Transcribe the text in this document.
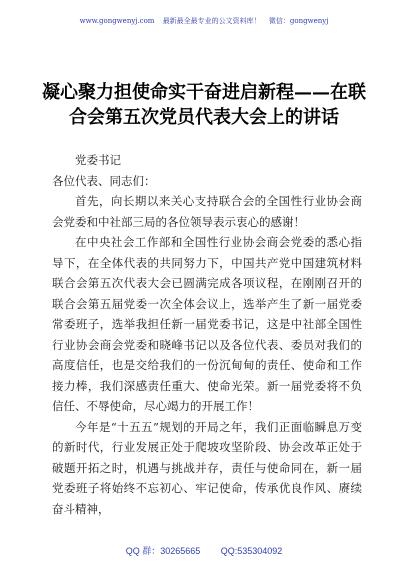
www.gongwenyj.com 最新最全最专业的公文资料库！ 微信：gongwenyj
凝心聚力担使命实干奋进启新程——在联
合会第五次党员代表大会上的讲话

党委书记

各位代表、同志们：

首先，向长期以来关心支持联合会的全国性行业协会商会党委和中社部三局的各位领导表示衷心的感谢！

在中央社会工作部和全国性行业协会商会党委的悉心指导下，在全体代表的共同努力下，中国共产党中国建筑材料联合会第五次代表大会已圆满完成各项议程，在刚刚召开的联合会第五届党委一次全体会议上，选举产生了新一届党委常委班子，选举我担任新一届党委书记，这是中社部全国性行业协会商会党委和晓峰书记以及各位代表、委员对我们的高度信任，也是交给我们的一份沉甸甸的责任、使命和工作接力棒，我们深感责任重大、使命光荣。新一届党委将不负信任、不辱使命，尽心竭力的开展工作！

今年是“十五五”规划的开局之年，我们正面临瞬息万变的新时代，行业发展正处于爬坡攻坚阶段、协会改革正处于破题开拓之时，机遇与挑战并存，责任与使命同在，新一届党委班子将始终不忘初心、牢记使命，传承优良作风、赓续奋斗精神，

QQ 群：30265665 QQ:535304092
